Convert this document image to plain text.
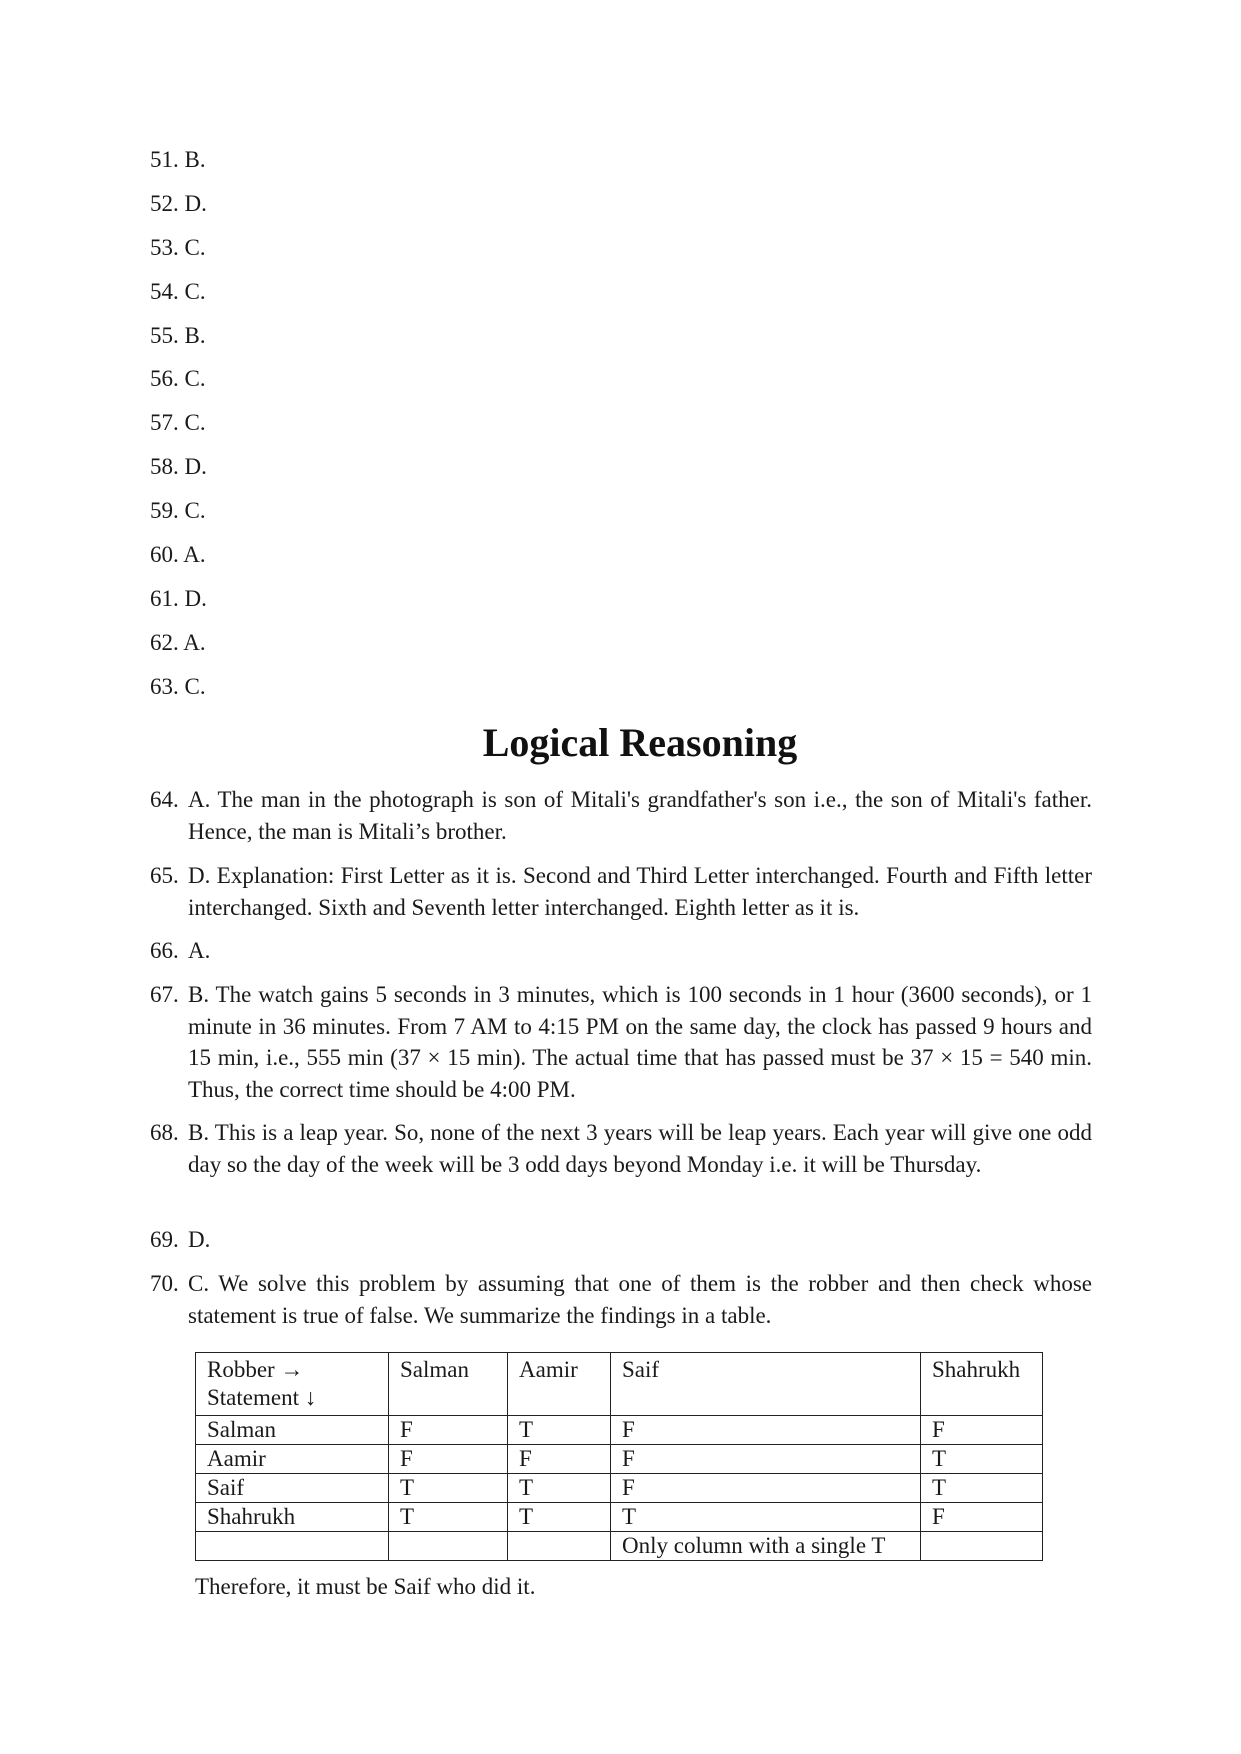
51. B.
52. D.
53. C.
54. C.
55. B.
56. C.
57. C.
58. D.
59. C.
60. A.
61. D.
62. A.
63. C.
Logical Reasoning
64. A. The man in the photograph is son of Mitali's grandfather's son i.e., the son of Mitali's father. Hence, the man is Mitali’s brother.
65. D. Explanation: First Letter as it is. Second and Third Letter interchanged. Fourth and Fifth letter interchanged. Sixth and Seventh letter interchanged. Eighth letter as it is.
66. A.
67. B. The watch gains 5 seconds in 3 minutes, which is 100 seconds in 1 hour (3600 seconds), or 1 minute in 36 minutes. From 7 AM to 4:15 PM on the same day, the clock has passed 9 hours and 15 min, i.e., 555 min (37 × 15 min). The actual time that has passed must be 37 × 15 = 540 min. Thus, the correct time should be 4:00 PM.
68. B. This is a leap year. So, none of the next 3 years will be leap years. Each year will give one odd day so the day of the week will be 3 odd days beyond Monday i.e. it will be Thursday.
69. D.
70. C. We solve this problem by assuming that one of them is the robber and then check whose statement is true of false. We summarize the findings in a table.
Robber →
Statement ↓	Salman	Aamir	Saif	Shahrukh
Salman	F	T	F	F
Aamir	F	F	F	T
Saif	T	T	F	T
Shahrukh	T	T	T	F
			Only column with a single T	
Therefore, it must be Saif who did it.
